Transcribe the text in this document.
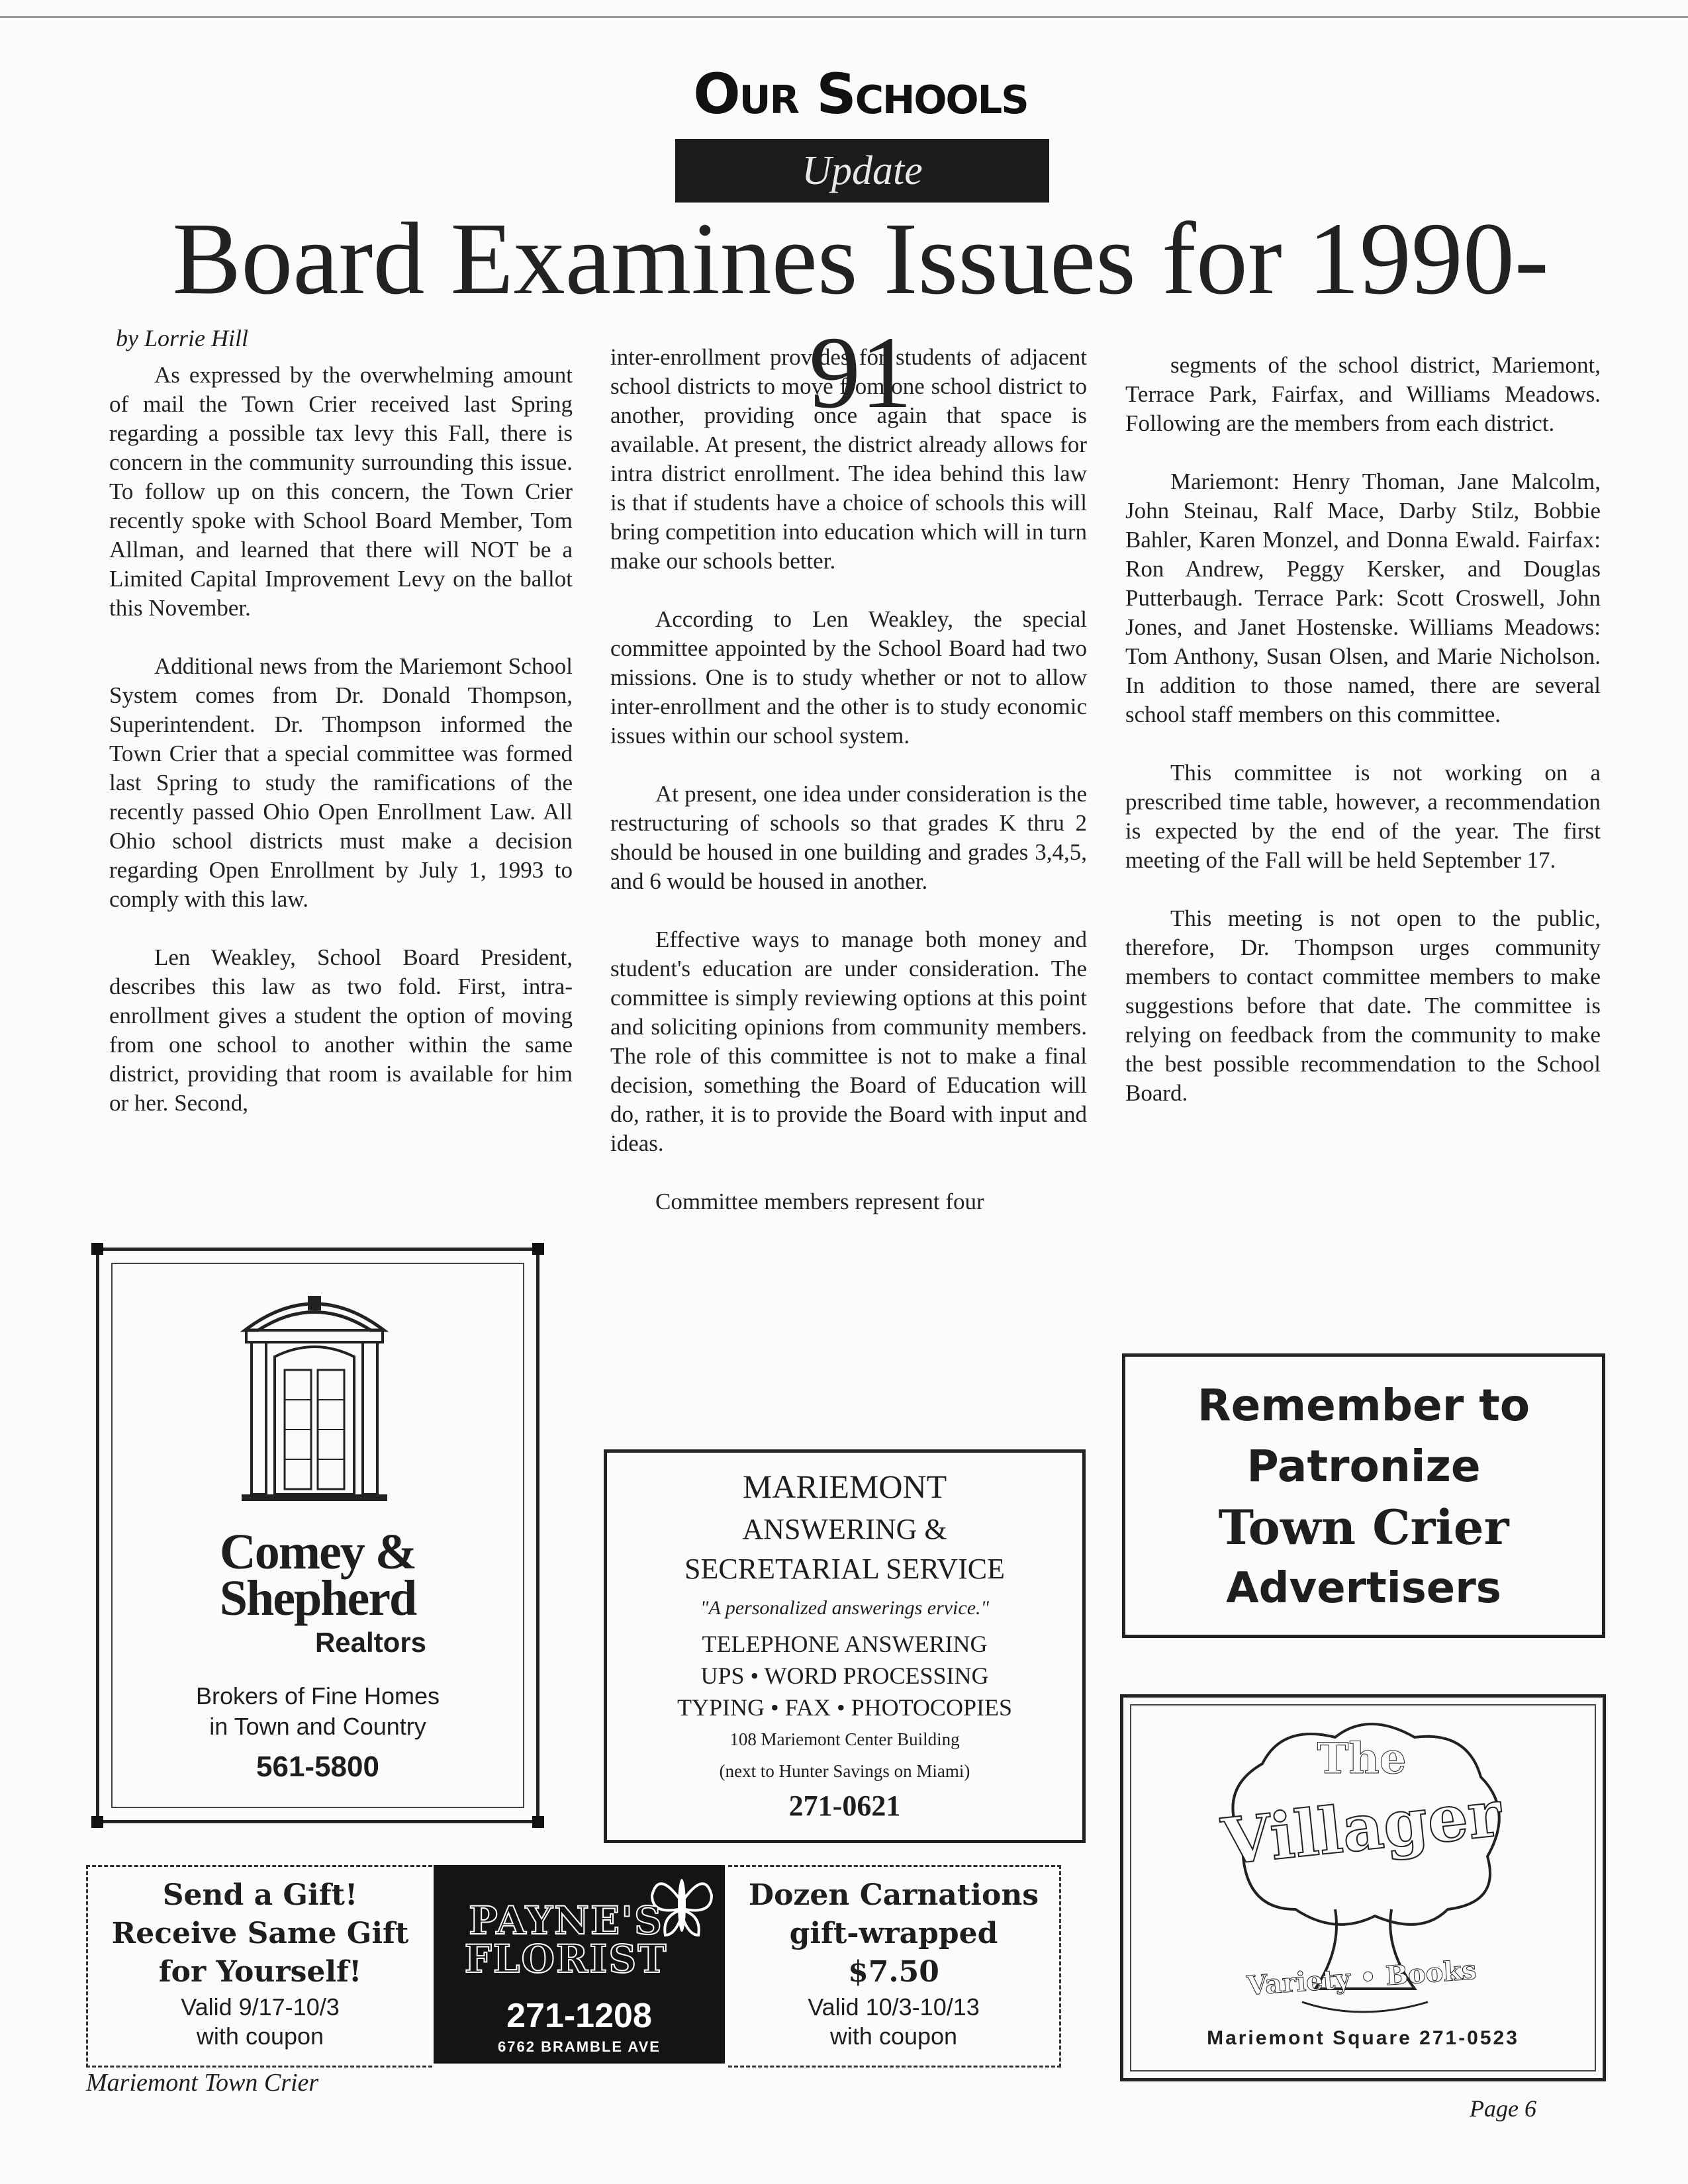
Our Schools
Update
Board Examines Issues for 1990-91
by Lorrie Hill

As expressed by the overwhelming amount of mail the Town Crier received last Spring regarding a possible tax levy this Fall, there is concern in the community surrounding this issue. To follow up on this concern, the Town Crier recently spoke with School Board Member, Tom Allman, and learned that there will NOT be a Limited Capital Improvement Levy on the ballot this November.

Additional news from the Mariemont School System comes from Dr. Donald Thompson, Superintendent. Dr. Thompson informed the Town Crier that a special committee was formed last Spring to study the ramifications of the recently passed Ohio Open Enrollment Law. All Ohio school districts must make a decision regarding Open Enrollment by July 1, 1993 to comply with this law.

Len Weakley, School Board President, describes this law as two fold. First, intra-enrollment gives a student the option of moving from one school to another within the same district, providing that room is available for him or her. Second,

inter-enrollment provides for students of adjacent school districts to move from one school district to another, providing once again that space is available. At present, the district already allows for intra district enrollment. The idea behind this law is that if students have a choice of schools this will bring competition into education which will in turn make our schools better.

According to Len Weakley, the special committee appointed by the School Board had two missions. One is to study whether or not to allow inter-enrollment and the other is to study economic issues within our school system.

At present, one idea under consideration is the restructuring of schools so that grades K thru 2 should be housed in one building and grades 3,4,5, and 6 would be housed in another.

Effective ways to manage both money and student's education are under consideration. The committee is simply reviewing options at this point and soliciting opinions from community members. The role of this committee is not to make a final decision, something the Board of Education will do, rather, it is to provide the Board with input and ideas.

Committee members represent four

segments of the school district, Mariemont, Terrace Park, Fairfax, and Williams Meadows. Following are the members from each district.

Mariemont: Henry Thoman, Jane Malcolm, John Steinau, Ralf Mace, Darby Stilz, Bobbie Bahler, Karen Monzel, and Donna Ewald. Fairfax: Ron Andrew, Peggy Kersker, and Douglas Putterbaugh. Terrace Park: Scott Croswell, John Jones, and Janet Hostenske. Williams Meadows: Tom Anthony, Susan Olsen, and Marie Nicholson. In addition to those named, there are several school staff members on this committee.

This committee is not working on a prescribed time table, however, a recommendation is expected by the end of the year. The first meeting of the Fall will be held September 17.

This meeting is not open to the public, therefore, Dr. Thompson urges community members to contact committee members to make suggestions before that date. The committee is relying on feedback from the community to make the best possible recommendation to the School Board.

Comey &
Shepherd
Realtors
Brokers of Fine Homes
in Town and Country
561-5800
MARIEMONT
ANSWERING &
SECRETARIAL SERVICE
"A personalized answerings ervice."
TELEPHONE ANSWERING
UPS • WORD PROCESSING
TYPING • FAX • PHOTOCOPIES
108 Mariemont Center Building
(next to Hunter Savings on Miami)
271-0621
Remember to
Patronize
Town Crier
Advertisers
The
Villager
Variety • Books
Mariemont Square 271-0523
Send a Gift!
Receive Same Gift
for Yourself!
Valid 9/17-10/3
with coupon
PAYNE'S
FLORIST
271-1208
6762 BRAMBLE AVE
Dozen Carnations
gift-wrapped
$7.50
Valid 10/3-10/13
with coupon
Mariemont Town Crier
Page 6
